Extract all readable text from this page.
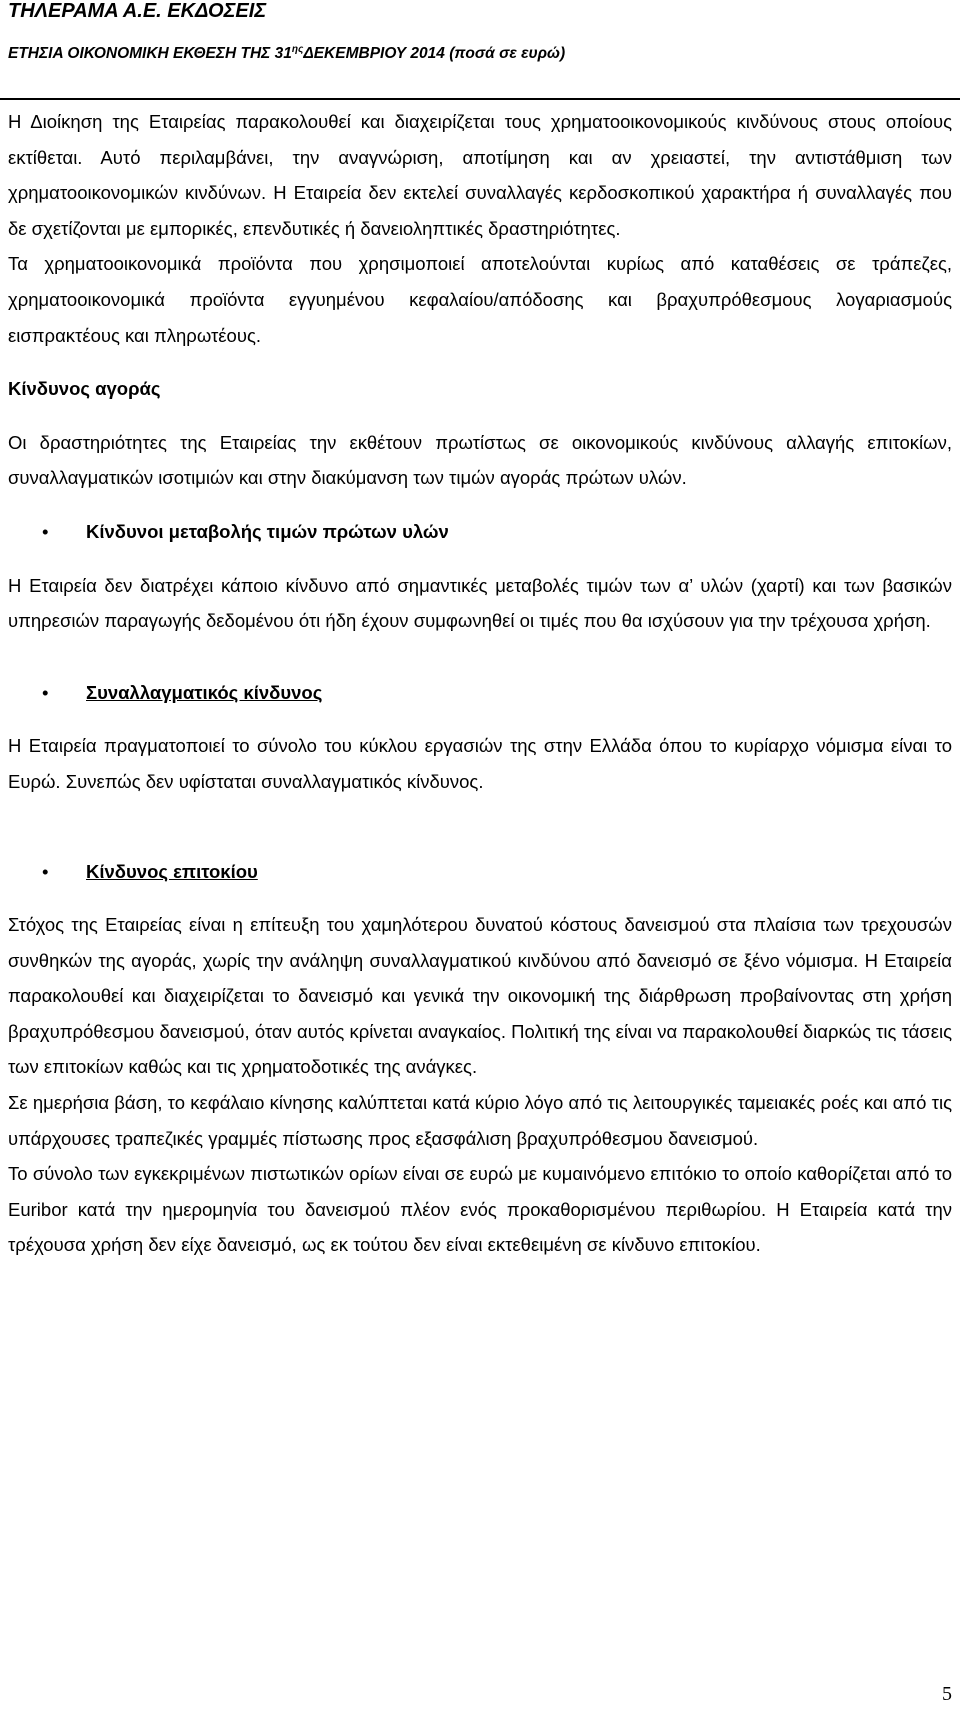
ΤΗΛΕΡΑΜΑ Α.Ε. ΕΚΔΟΣΕΙΣ
ΕΤΗΣΙΑ ΟΙΚΟΝΟΜΙΚΗ ΕΚΘΕΣΗ ΤΗΣ $31^{\eta\varsigma}\Delta EKEMBPIO\Upsilon$ 2014 (ποσά σε ευρώ)

Η Διοίκηση της Εταιρείας παρακολουθεί και διαχειρίζεται τους χρηματοοικονομικούς κινδύνους στους οποίους εκτίθεται. Αυτό περιλαμβάνει, την αναγνώριση, αποτίμηση και αν χρειαστεί, την αντιστάθμιση των χρηματοοικονομικών κινδύνων. Η Εταιρεία δεν εκτελεί συναλλαγές κερδοσκοπικού χαρακτήρα ή συναλλαγές που δε σχετίζονται με εμπορικές, επενδυτικές ή δανειοληπτικές δραστηριότητες.

Τα χρηματοοικονομικά προϊόντα που χρησιμοποιεί αποτελούνται κυρίως από καταθέσεις σε τράπεζες, χρηματοοικονομικά προϊόντα εγγυημένου κεφαλαίου/απόδοσης και βραχυπρόθεσμους λογαριασμούς εισπρακτέους και πληρωτέους.

Κίνδυνος αγοράς

Οι δραστηριότητες της Εταιρείας την εκθέτουν πρωτίστως σε οικονομικούς κινδύνους αλλαγής επιτοκίων, συναλλαγματικών ισοτιμιών και στην διακύμανση των τιμών αγοράς πρώτων υλών.

• Κίνδυνοι μεταβολής τιμών πρώτων υλών

Η Εταιρεία δεν διατρέχει κάποιο κίνδυνο από σημαντικές μεταβολές τιμών των α’ υλών (χαρτί) και των βασικών υπηρεσιών παραγωγής δεδομένου ότι ήδη έχουν συμφωνηθεί οι τιμές που θα ισχύσουν για την τρέχουσα χρήση.

• Συναλλαγματικός κίνδυνος

Η Εταιρεία πραγματοποιεί το σύνολο του κύκλου εργασιών της στην Ελλάδα όπου το κυρίαρχο νόμισμα είναι το Ευρώ. Συνεπώς δεν υφίσταται συναλλαγματικός κίνδυνος.

• Κίνδυνος επιτοκίου

Στόχος της Εταιρείας είναι η επίτευξη του χαμηλότερου δυνατού κόστους δανεισμού στα πλαίσια των τρεχουσών συνθηκών της αγοράς, χωρίς την ανάληψη συναλλαγματικού κινδύνου από δανεισμό σε ξένο νόμισμα. Η Εταιρεία παρακολουθεί και διαχειρίζεται το δανεισμό και γενικά την οικονομική της διάρθρωση προβαίνοντας στη χρήση βραχυπρόθεσμου δανεισμού, όταν αυτός κρίνεται αναγκαίος. Πολιτική της είναι να παρακολουθεί διαρκώς τις τάσεις των επιτοκίων καθώς και τις χρηματοδοτικές της ανάγκες.

Σε ημερήσια βάση, το κεφάλαιο κίνησης καλύπτεται κατά κύριο λόγο από τις λειτουργικές ταμειακές ροές και από τις υπάρχουσες τραπεζικές γραμμές πίστωσης προς εξασφάλιση βραχυπρόθεσμου δανεισμού.

Το σύνολο των εγκεκριμένων πιστωτικών ορίων είναι σε ευρώ με κυμαινόμενο επιτόκιο το οποίο καθορίζεται από το Euribor κατά την ημερομηνία του δανεισμού πλέον ενός προκαθορισμένου περιθωρίου. Η Εταιρεία κατά την τρέχουσα χρήση δεν είχε δανεισμό, ως εκ τούτου δεν είναι εκτεθειμένη σε κίνδυνο επιτοκίου.

5
